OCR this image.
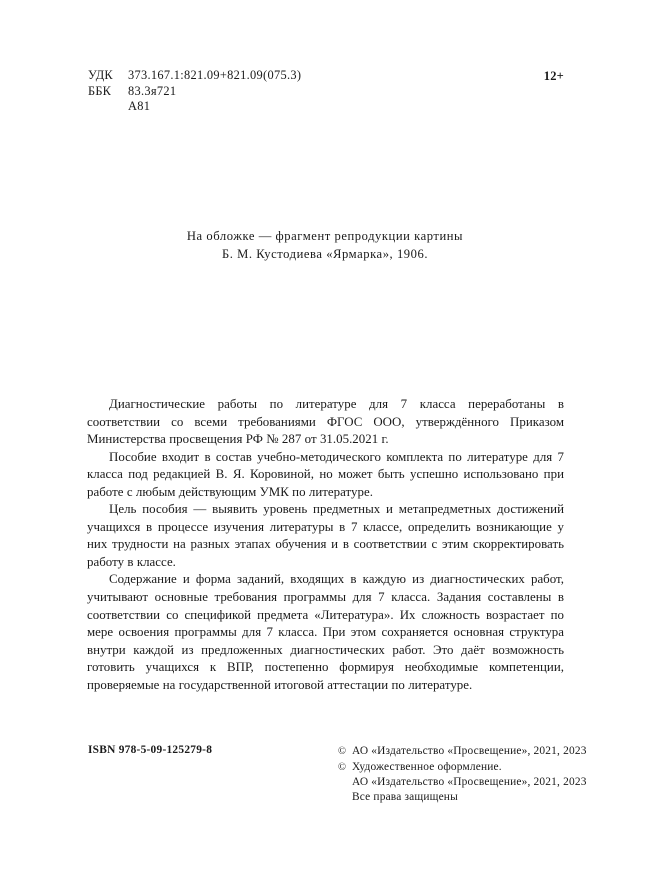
УДК	373.167.1:821.09+821.09(075.3)
ББК	83.3я721
А81
12+
На обложке — фрагмент репродукции картины
Б. М. Кустодиева «Ярмарка», 1906.

Диагностические работы по литературе для 7 класса переработаны в соответствии со всеми требованиями ФГОС ООО, утверждённого Приказом Министерства просвещения РФ № 287 от 31.05.2021 г.

Пособие входит в состав учебно-методического комплекта по литературе для 7 класса под редакцией В. Я. Коровиной, но может быть успешно использовано при работе с любым действующим УМК по литературе.

Цель пособия — выявить уровень предметных и метапредметных достижений учащихся в процессе изучения литературы в 7 классе, определить возникающие у них трудности на разных этапах обучения и в соответствии с этим скорректировать работу в классе.

Содержание и форма заданий, входящих в каждую из диагностических работ, учитывают основные требования программы для 7 класса. Задания составлены в соответствии со спецификой предмета «Литература». Их сложность возрастает по мере освоения программы для 7 класса. При этом сохраняется основная структура внутри каждой из предложенных диагностических работ. Это даёт возможность готовить учащихся к ВПР, постепенно формируя необходимые компетенции, проверяемые на государственной итоговой аттестации по литературе.

ISBN 978-5-09-125279-8	© АО «Издательство «Просвещение», 2021, 2023
© Художественное оформление.
АО «Издательство «Просвещение», 2021, 2023
Все права защищены
